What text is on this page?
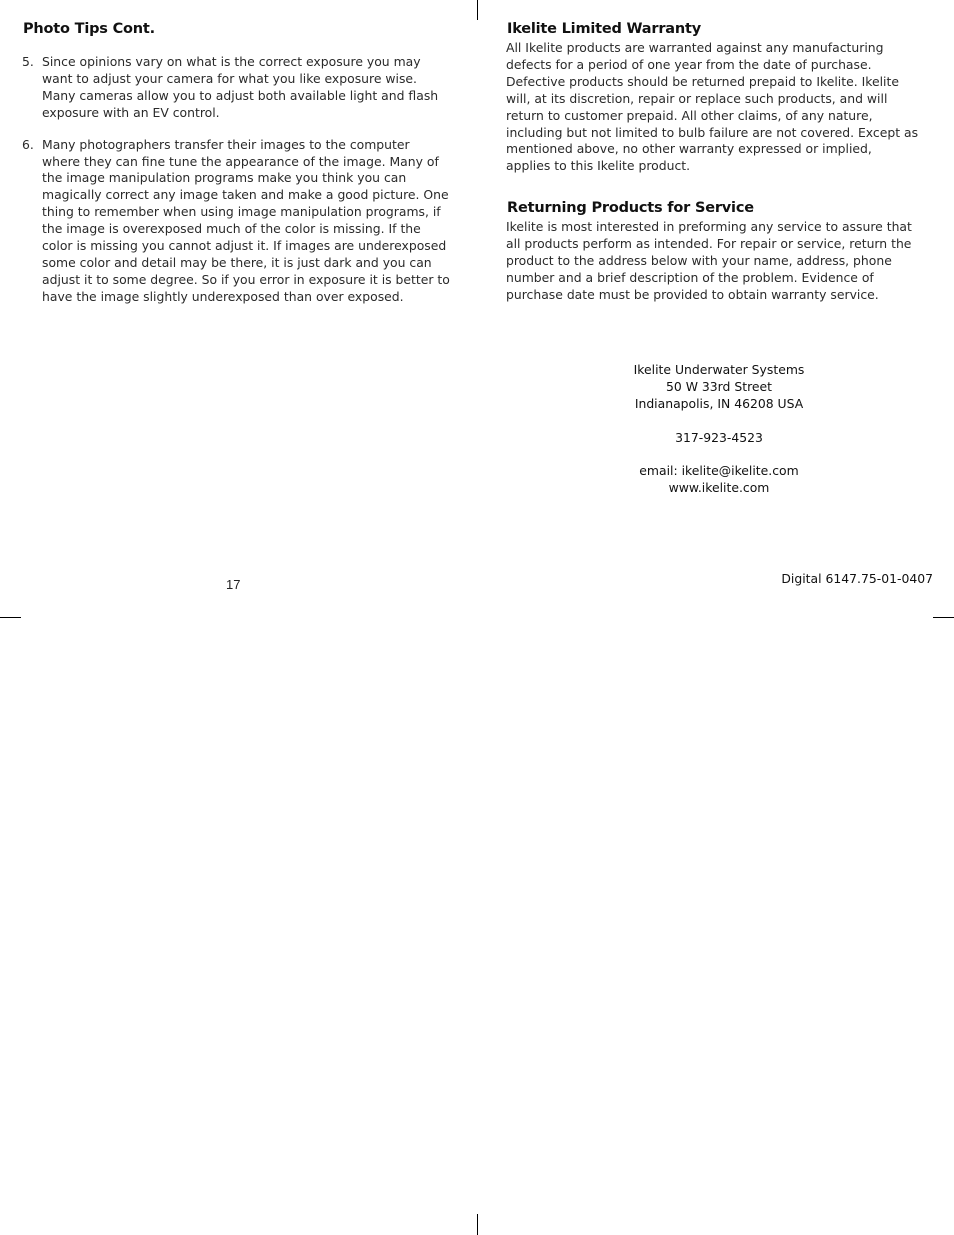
Photo Tips Cont.
5. Since opinions vary on what is the correct exposure you may want to adjust your camera for what you like exposure wise. Many cameras allow you to adjust both available light and flash exposure with an EV control.
6. Many photographers transfer their images to the computer where they can fine tune the appearance of the image. Many of the image manipulation programs make you think you can magically correct any image taken and make a good picture. One thing to remember when using image manipulation programs, if the image is overexposed much of the color is missing. If the color is missing you cannot adjust it. If images are underexposed some color and detail may be there, it is just dark and you can adjust it to some degree. So if you error in exposure it is better to have the image slightly underexposed than over exposed.
17
Ikelite Limited Warranty

All Ikelite products are warranted against any manufacturing defects for a period of one year from the date of purchase. Defective products should be returned prepaid to Ikelite. Ikelite will, at its discretion, repair or replace such products, and will return to customer prepaid. All other claims, of any nature, including but not limited to bulb failure are not covered. Except as mentioned above, no other warranty expressed or implied, applies to this Ikelite product.

Returning Products for Service

Ikelite is most interested in preforming any service to assure that all products perform as intended. For repair or service, return the product to the address below with your name, address, phone number and a brief description of the problem. Evidence of purchase date must be provided to obtain warranty service.

Ikelite Underwater Systems
50 W 33rd Street
Indianapolis, IN 46208 USA
317-923-4523
email: ikelite@ikelite.com
www.ikelite.com
Digital 6147.75-01-0407
